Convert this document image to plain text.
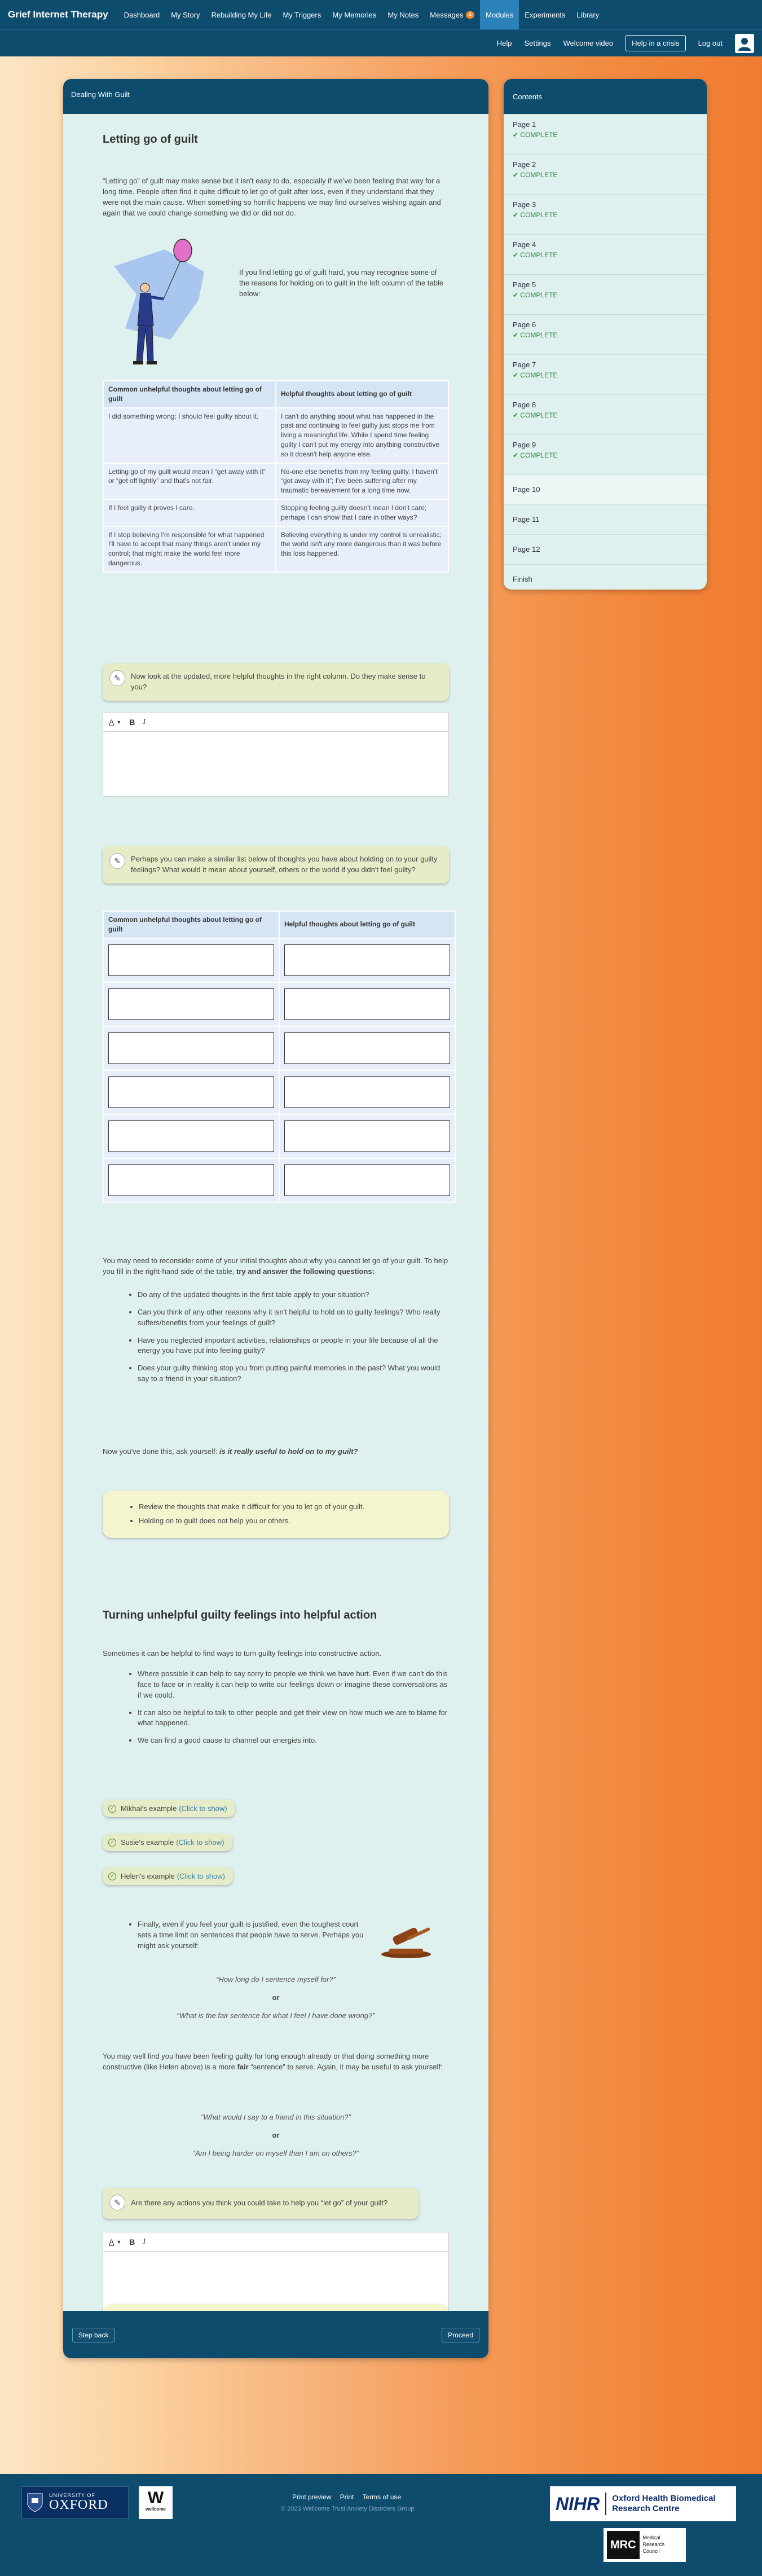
Grief Internet Therapy	Dashboard	My Story	Rebuilding My Life	My Triggers	My Memories	My Notes	Messages 4	Modules	Experiments	Library
Help Settings Welcome video	Help in a crisis	Log out
Dealing With Guilt
Letting go of guilt

“Letting go” of guilt may make sense but it isn't easy to do, especially if we've been feeling that way for a long time. People often find it quite difficult to let go of guilt after loss, even if they understand that they were not the main cause. When something so horrific happens we may find ourselves wishing again and again that we could change something we did or did not do.

If you find letting go of guilt hard, you may recognise some of the reasons for holding on to guilt in the left column of the table below:

Common unhelpful thoughts about letting go of guilt	Helpful thoughts about letting go of guilt
I did something wrong; I should feel guilty about it.	I can't do anything about what has happened in the past and continuing to feel guilty just stops me from living a meaningful life. While I spend time feeling guilty I can't put my energy into anything constructive so it doesn't help anyone else.
Letting go of my guilt would mean I “get away with it” or “get off lightly” and that's not fair.	No-one else benefits from my feeling guilty. I haven't “got away with it”; I've been suffering after my traumatic bereavement for a long time now.
If I feel guilty it proves I care.	Stopping feeling guilty doesn't mean I don't care; perhaps I can show that I care in other ways?
If I stop believing I'm responsible for what happened I'll have to accept that many things aren't under my control; that might make the world feel more dangerous.	Believing everything is under my control is unrealistic; the world isn't any more dangerous than it was before this loss happened.
✎	Now look at the updated, more helpful thoughts in the right column. Do they make sense to you?
A ▼ B I
✎	Perhaps you can make a similar list below of thoughts you have about holding on to your guilty feelings? What would it mean about yourself, others or the world if you didn't feel guilty?
Common unhelpful thoughts about letting go of guilt	Helpful thoughts about letting go of guilt

You may need to reconsider some of your initial thoughts about why you cannot let go of your guilt. To help you fill in the right-hand side of the table, try and answer the following questions:

• Do any of the updated thoughts in the first table apply to your situation?
• Can you think of any other reasons why it isn't helpful to hold on to guilty feelings? Who really suffers/benefits from your feelings of guilt?
• Have you neglected important activities, relationships or people in your life because of all the energy you have put into feeling guilty?
• Does your guilty thinking stop you from putting painful memories in the past? What you would say to a friend in your situation?

Now you've done this, ask yourself: is it really useful to hold on to my guilt?

• Review the thoughts that make it difficult for you to let go of your guilt.
• Holding on to guilt does not help you or others.
Turning unhelpful guilty feelings into helpful action

Sometimes it can be helpful to find ways to turn guilty feelings into constructive action.

• Where possible it can help to say sorry to people we think we have hurt. Even if we can't do this face to face or in reality it can help to write our feelings down or imagine these conversations as if we could.
• It can also be helpful to talk to other people and get their view on how much we are to blame for what happened.
• We can find a good cause to channel our energies into.
✓ Mikhai's example (Click to show)
✓ Susie's example (Click to show)
✓ Helen's example (Click to show)
• Finally, even if you feel your guilt is justified, even the toughest court sets a time limit on sentences that people have to serve. Perhaps you might ask yourself:

“How long do I sentence myself for?”

or

“What is the fair sentence for what I feel I have done wrong?”

You may well find you have been feeling guilty for long enough already or that doing something more constructive (like Helen above) is a more fair “sentence” to serve. Again, it may be useful to ask yourself:

“What would I say to a friend in this situation?”

or

“Am I being harder on myself than I am on others?”

✎	Are there any actions you think you could take to help you “let go” of your guilt?
A ▼ B I
Step back	Proceed
Contents
Page 1
✔ COMPLETE
Page 2
✔ COMPLETE
Page 3
✔ COMPLETE
Page 4
✔ COMPLETE
Page 5
✔ COMPLETE
Page 6
✔ COMPLETE
Page 7
✔ COMPLETE
Page 8
✔ COMPLETE
Page 9
✔ COMPLETE
Page 10
Page 11
Page 12
Finish
UNIVERSITY OF
OXFORD	W
wellcome
Print preview Print Terms of use
© 2023 Wellcome Trust Anxiety Disorders Group	NIHR Oxford Health Biomedical Research Centre
MRC
Medical Research Council
